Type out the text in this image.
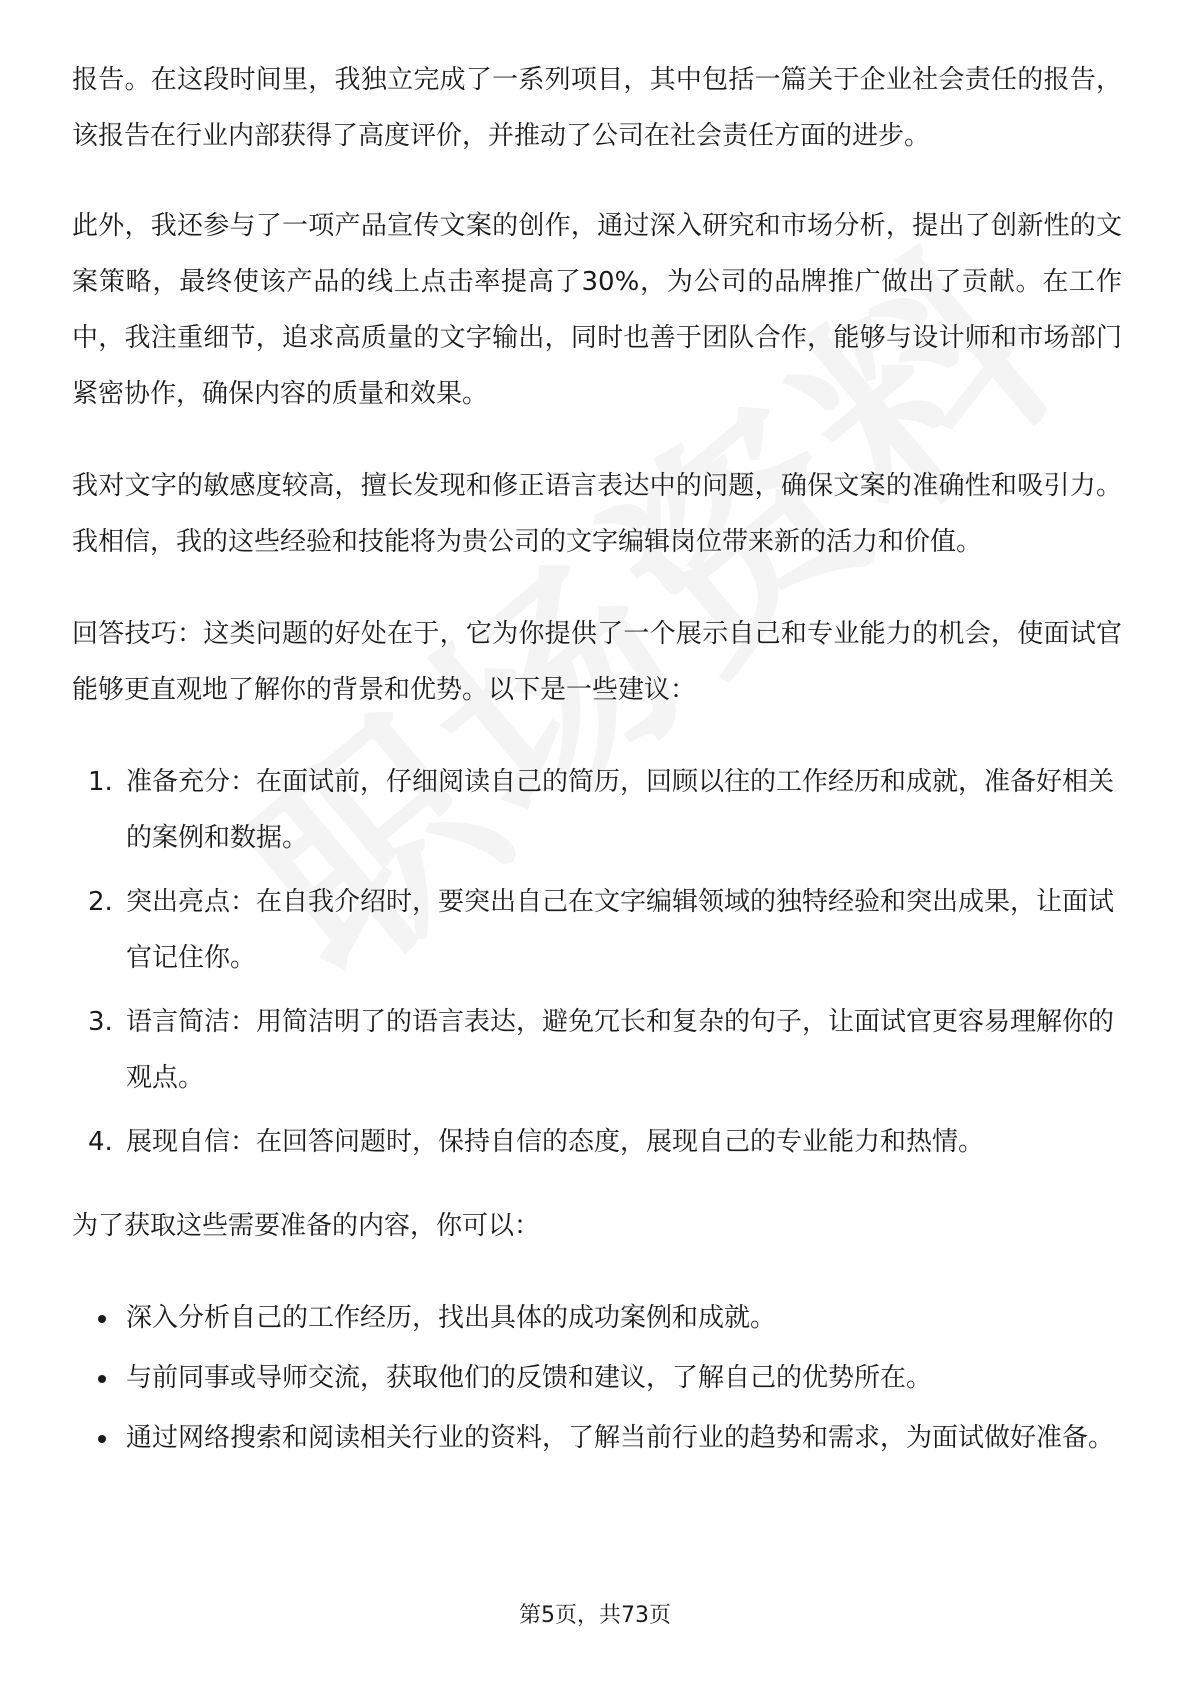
报告。在这段时间里，我独立完成了一系列项目，其中包括一篇关于企业社会责任的报告，该报告在行业内部获得了高度评价，并推动了公司在社会责任方面的进步。

此外，我还参与了一项产品宣传文案的创作，通过深入研究和市场分析，提出了创新性的文案策略，最终使该产品的线上点击率提高了30%，为公司的品牌推广做出了贡献。在工作中，我注重细节，追求高质量的文字输出，同时也善于团队合作，能够与设计师和市场部门紧密协作，确保内容的质量和效果。

我对文字的敏感度较高，擅长发现和修正语言表达中的问题，确保文案的准确性和吸引力。我相信，我的这些经验和技能将为贵公司的文字编辑岗位带来新的活力和价值。

回答技巧：这类问题的好处在于，它为你提供了一个展示自己和专业能力的机会，使面试官能够更直观地了解你的背景和优势。以下是一些建议：

1. 准备充分：在面试前，仔细阅读自己的简历，回顾以往的工作经历和成就，准备好相关的案例和数据。
2. 突出亮点：在自我介绍时，要突出自己在文字编辑领域的独特经验和突出成果，让面试官记住你。
3. 语言简洁：用简洁明了的语言表达，避免冗长和复杂的句子，让面试官更容易理解你的观点。
4. 展现自信：在回答问题时，保持自信的态度，展现自己的专业能力和热情。

为了获取这些需要准备的内容，你可以：

深入分析自己的工作经历，找出具体的成功案例和成就。
与前同事或导师交流，获取他们的反馈和建议，了解自己的优势所在。
通过网络搜索和阅读相关行业的资料，了解当前行业的趋势和需求，为面试做好准备。
第5页，共73页
